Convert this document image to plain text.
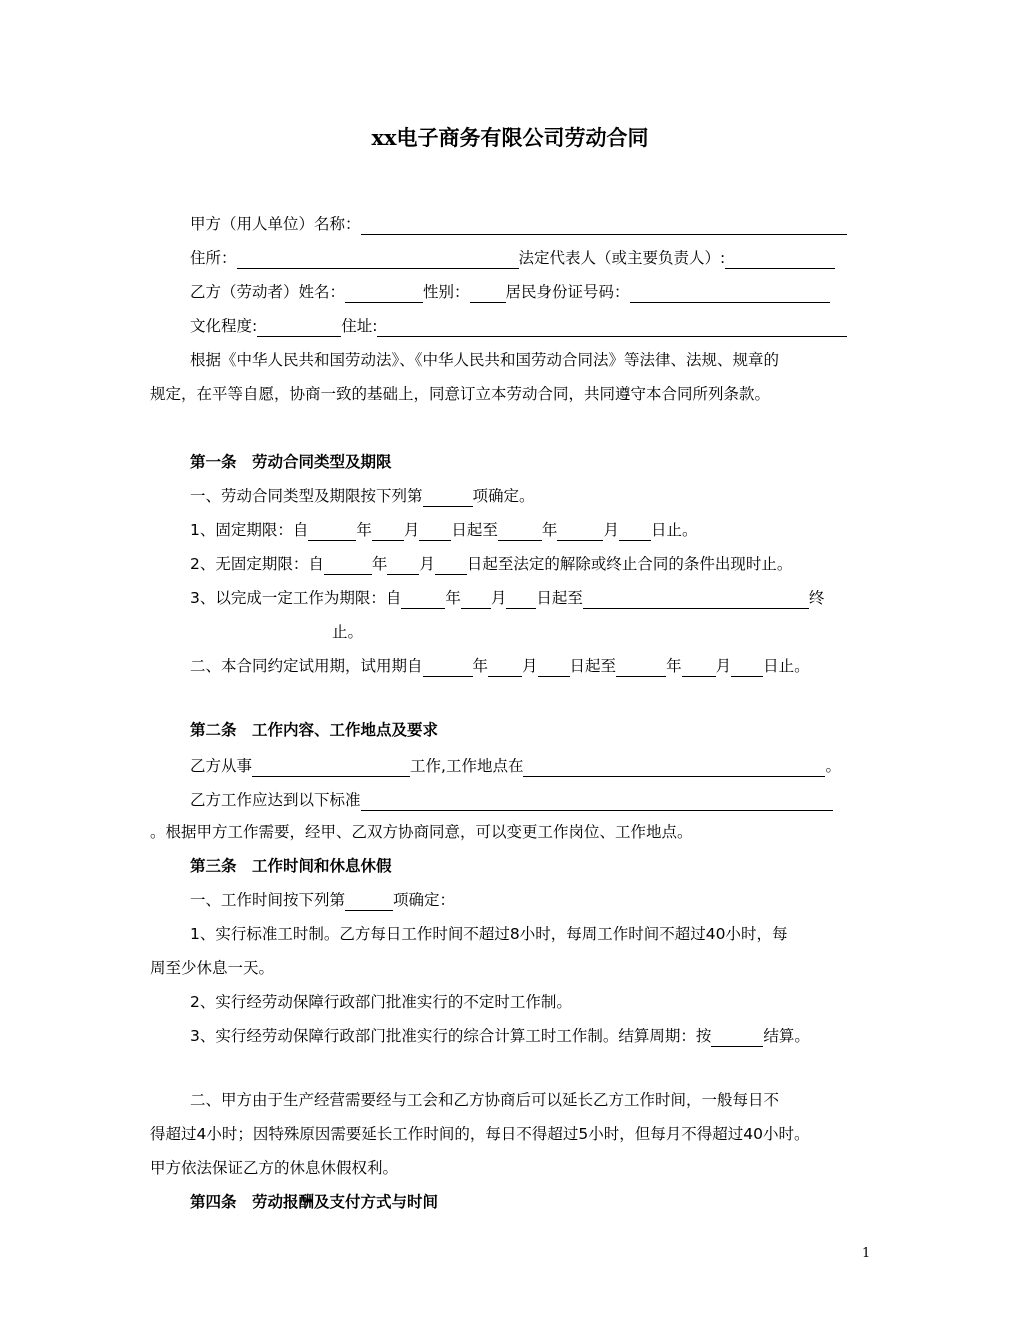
xx电子商务有限公司劳动合同
甲方（用人单位）名称：
住所：	法定代表人（或主要负责人）:
乙方（劳动者）姓名：	性别： 居民身份证号码：
文化程度:	住址:
根据《中华人民共和国劳动法》、《中华人民共和国劳动合同法》等法律、法规、规章的
规定，在平等自愿，协商一致的基础上，同意订立本劳动合同，共同遵守本合同所列条款。
第一条　劳动合同类型及期限
一、劳动合同类型及期限按下列第	项确定。
1、固定期限：自	年 月 日起至	年	月 日止。
2、无固定期限：自	年 月 日起至法定的解除或终止合同的条件出现时止。
3、以完成一定工作为期限：自	年 月 日起至	终
止。
二、本合同约定试用期，试用期自	年 月 日起至	年 月 日止。
第二条　工作内容、工作地点及要求
乙方从事	工作,工作地点在	。
乙方工作应达到以下标准
。根据甲方工作需要，经甲、乙双方协商同意，可以变更工作岗位、工作地点。
第三条　工作时间和休息休假
一、工作时间按下列第	项确定：
1、实行标准工时制。乙方每日工作时间不超过8小时，每周工作时间不超过40小时，每
周至少休息一天。
2、实行经劳动保障行政部门批准实行的不定时工作制。
3、实行经劳动保障行政部门批准实行的综合计算工时工作制。结算周期：按	结算。
二、甲方由于生产经营需要经与工会和乙方协商后可以延长乙方工作时间，一般每日不
得超过4小时；因特殊原因需要延长工作时间的，每日不得超过5小时，但每月不得超过40小时。
甲方依法保证乙方的休息休假权利。
第四条　劳动报酬及支付方式与时间
1
